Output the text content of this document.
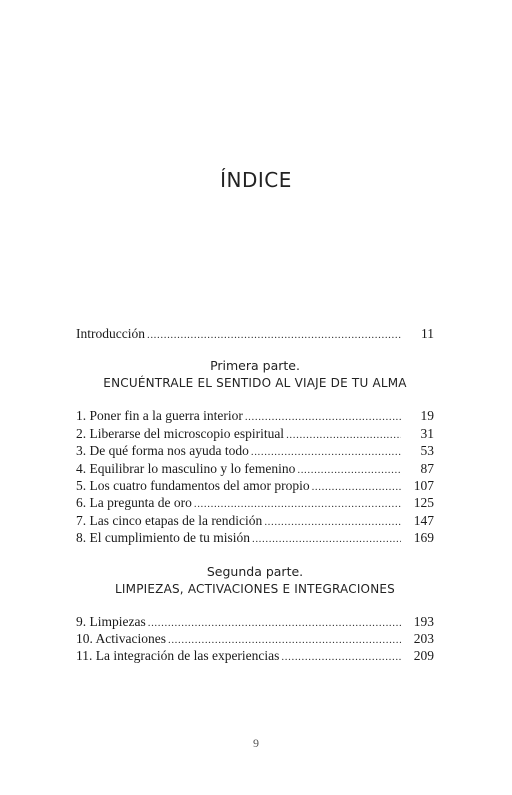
ÍNDICE
Introducción .....	11
Primera parte.
ENCUÉNTRALE EL SENTIDO AL VIAJE DE TU ALMA
1. Poner fin a la guerra interior .....	19
2. Liberarse del microscopio espiritual .....	31
3. De qué forma nos ayuda todo .....	53
4. Equilibrar lo masculino y lo femenino .....	87
5. Los cuatro fundamentos del amor propio .....	107
6. La pregunta de oro .....	125
7. Las cinco etapas de la rendición .....	147
8. El cumplimiento de tu misión .....	169
Segunda parte.
LIMPIEZAS, ACTIVACIONES E INTEGRACIONES
9. Limpiezas .....	193
10. Activaciones .....	203
11. La integración de las experiencias .....	209
9
